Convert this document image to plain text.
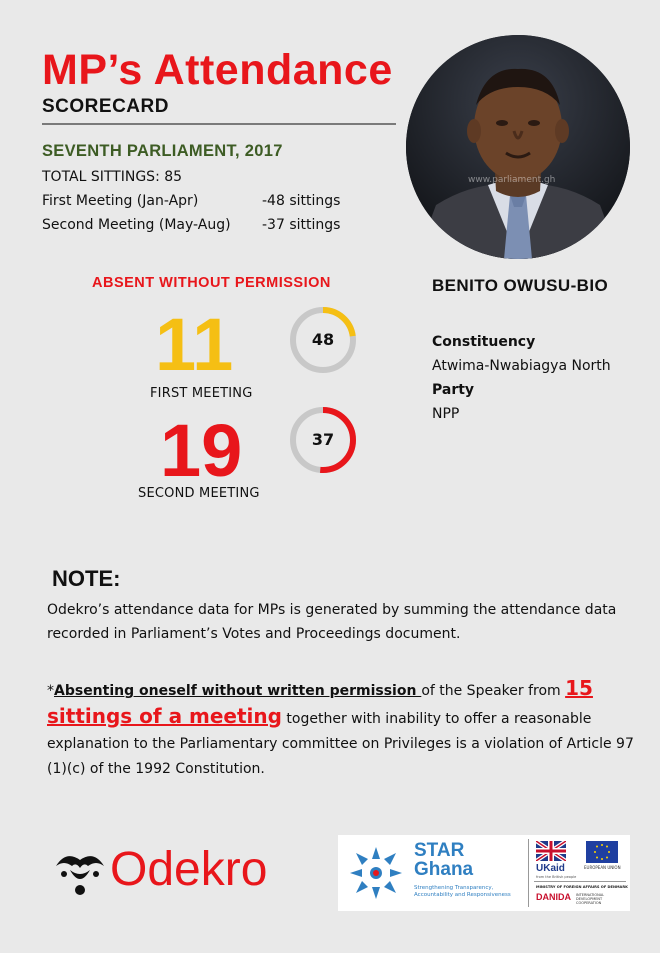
MP’s Attendance
SCORECARD
SEVENTH PARLIAMENT, 2017
TOTAL SITTINGS: 85
First Meeting (Jan-Apr)	-48 sittings
Second Meeting (May-Aug) -37 sittings
www.parliament.gh
ABSENT WITHOUT PERMISSION
11
FIRST MEETING
48
19
SECOND MEETING
37
BENITO OWUSU-BIO
Constituency
Atwima-Nwabiagya North
Party
NPP
NOTE:
Odekro’s attendance data for MPs is generated by summing the attendance data recorded in Parliament’s Votes and Proceedings document.
*Absenting oneself without written permission of the Speaker from 15
sittings of a meeting together with inability to offer a reasonable explanation to the Parliamentary committee on Privileges is a violation of Article 97 (1)(c) of the 1992 Constitution.
Odekro	STAR
Ghana
Strengthening Transparency, Accountability and Responsiveness
UKaid
from the British people
EUROPEAN UNION
MINISTRY OF FOREIGN AFFAIRS OF DENMARK
DANIDA INTERNATIONAL DEVELOPMENT COOPERATION
